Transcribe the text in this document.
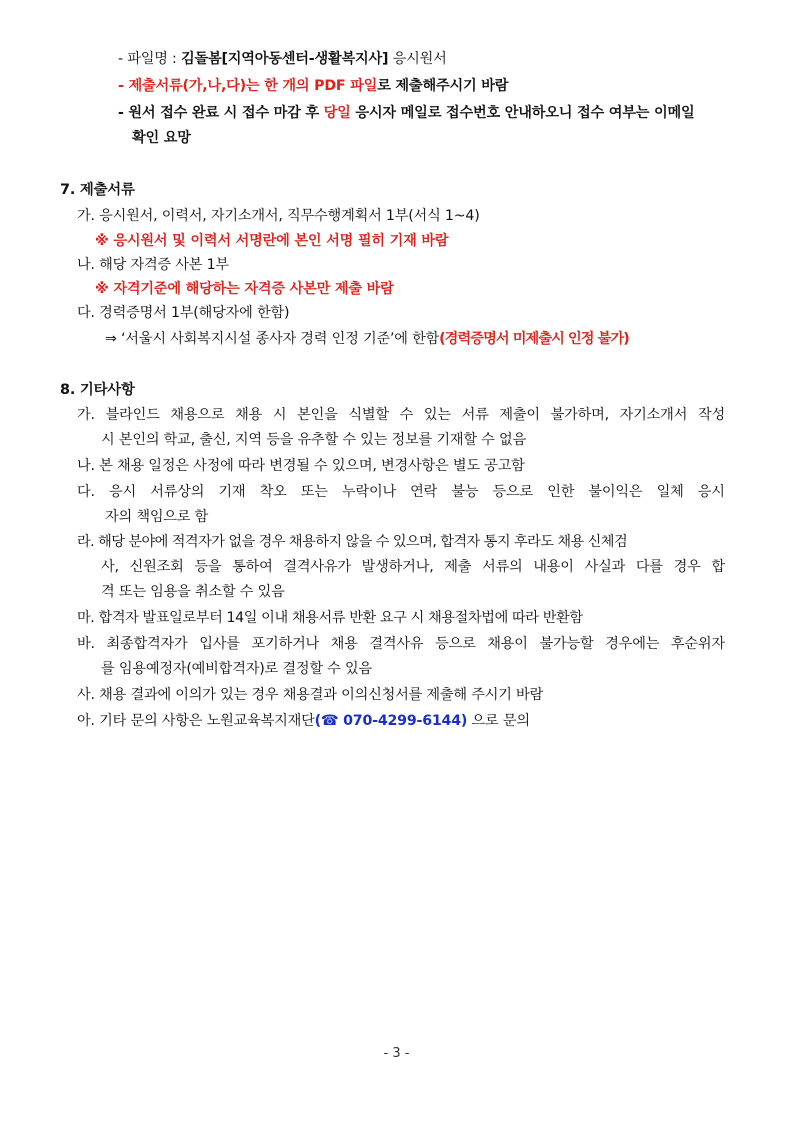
- 파일명 : 김돌봄[지역아동센터-생활복지사] 응시원서
- 제출서류(가,나,다)는 한 개의 PDF 파일로 제출해주시기 바람
- 원서 접수 완료 시 접수 마감 후 당일 응시자 메일로 접수번호 안내하오니 접수 여부는 이메일
확인 요망
7. 제출서류
가. 응시원서, 이력서, 자기소개서, 직무수행계획서 1부(서식 1~4)
※ 응시원서 및 이력서 서명란에 본인 서명 필히 기재 바람
나. 해당 자격증 사본 1부
※ 자격기준에 해당하는 자격증 사본만 제출 바람
다. 경력증명서 1부(해당자에 한함)
⇒ ‘서울시 사회복지시설 종사자 경력 인정 기준’에 한함(경력증명서 미제출시 인정 불가)
8. 기타사항
가. 블라인드 채용으로 채용 시 본인을 식별할 수 있는 서류 제출이 불가하며, 자기소개서 작성
시 본인의 학교, 출신, 지역 등을 유추할 수 있는 정보를 기재할 수 없음
나. 본 채용 일정은 사정에 따라 변경될 수 있으며, 변경사항은 별도 공고함
다. 응시 서류상의 기재 착오 또는 누락이나 연락 불능 등으로 인한 불이익은 일체 응시
자의 책임으로 함
라. 해당 분야에 적격자가 없을 경우 채용하지 않을 수 있으며, 합격자 통지 후라도 채용 신체검
사, 신원조회 등을 통하여 결격사유가 발생하거나, 제출 서류의 내용이 사실과 다를 경우 합
격 또는 임용을 취소할 수 있음
마. 합격자 발표일로부터 14일 이내 채용서류 반환 요구 시 채용절차법에 따라 반환함
바. 최종합격자가 입사를 포기하거나 채용 결격사유 등으로 채용이 불가능할 경우에는 후순위자
를 임용예정자(예비합격자)로 결정할 수 있음
사. 채용 결과에 이의가 있는 경우 채용결과 이의신청서를 제출해 주시기 바람
아. 기타 문의 사항은 노원교육복지재단(☎ 070-4299-6144) 으로 문의
- 3 -
